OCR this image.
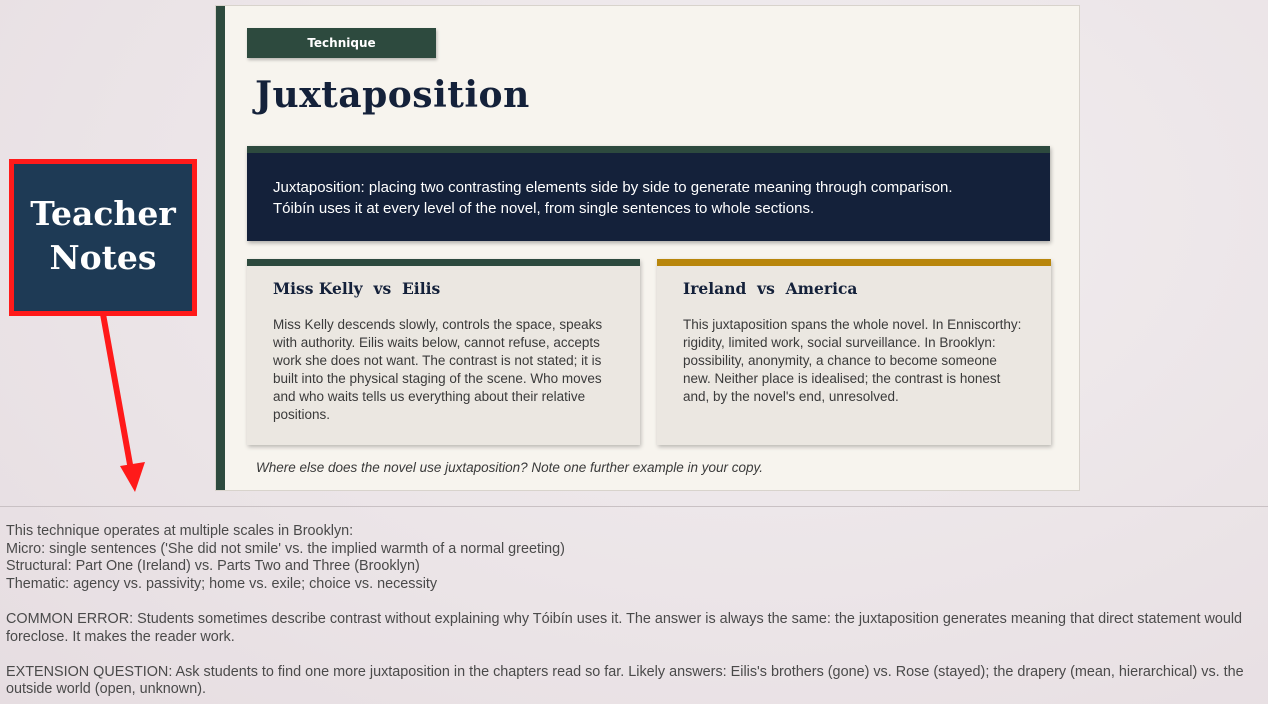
Technique
Juxtaposition

Juxtaposition: placing two contrasting elements side by side to generate meaning through comparison.

Tóibín uses it at every level of the novel, from single sentences to whole sections.

Miss Kelly  vs  Eilis

Miss Kelly descends slowly, controls the space, speaks with authority. Eilis waits below, cannot refuse, accepts work she does not want. The contrast is not stated; it is built into the physical staging of the scene. Who moves and who waits tells us everything about their relative positions.

Ireland  vs  America

This juxtaposition spans the whole novel. In Enniscorthy: rigidity, limited work, social surveillance. In Brooklyn: possibility, anonymity, a chance to become someone new. Neither place is idealised; the contrast is honest and, by the novel's end, unresolved.

Where else does the novel use juxtaposition? Note one further example in your copy.

Teacher
Notes

This technique operates at multiple scales in Brooklyn:

Micro: single sentences ('She did not smile' vs. the implied warmth of a normal greeting)

Structural: Part One (Ireland) vs. Parts Two and Three (Brooklyn)

Thematic: agency vs. passivity; home vs. exile; choice vs. necessity

COMMON ERROR: Students sometimes describe contrast without explaining why Tóibín uses it. The answer is always the same: the juxtaposition generates meaning that direct statement would foreclose. It makes the reader work.

EXTENSION QUESTION: Ask students to find one more juxtaposition in the chapters read so far. Likely answers: Eilis's brothers (gone) vs. Rose (stayed); the drapery (mean, hierarchical) vs. the outside world (open, unknown).
